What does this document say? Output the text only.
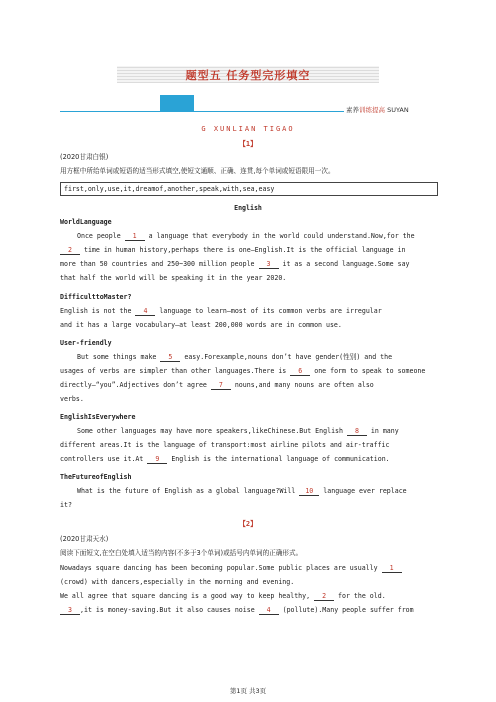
题型五 任务型完形填空
素养训练提高 SUYAN
G XUNLIAN TIGAO
【1】
(2020甘肃白银)
用方框中所给单词或短语的适当形式填空,使短文通顺、正确、连贯,每个单词或短语限用一次。
first,only,use,it,dreamof,another,speak,with,sea,easy
English
WorldLanguage
Once people 1 a language that everybody in the world could understand.Now,for the
2 time in human history,perhaps there is one—English.It is the official language in
more than 50 countries and 250~300 million people 3 it as a second language.Some say
that half the world will be speaking it in the year 2020.
DifficulttoMaster?
English is not the 4 language to learn—most of its common verbs are irregular
and it has a large vocabulary—at least 200,000 words are in common use.
User-friendly
But some things make 5 easy.Forexample,nouns don’t have gender(性别) and the
usages of verbs are simpler than other languages.There is 6 one form to speak to someone
directly—“you”.Adjectives don’t agree 7 nouns,and many nouns are often also
verbs.
EnglishIsEverywhere
Some other languages may have more speakers,likeChinese.But English 8 in many
different areas.It is the language of transport:most airline pilots and air-traffic
controllers use it.At 9 English is the international language of communication.
TheFutureofEnglish
What is the future of English as a global language?Will 10 language ever replace
it?
【2】
(2020甘肃天水)
阅读下面短文,在空白处填入适当的内容(不多于3个单词)或括号内单词的正确形式。
Nowadays square dancing has been becoming popular.Some public places are usually 1
(crowd) with dancers,especially in the morning and evening.
We all agree that square dancing is a good way to keep healthy, 2 for the old.
3 ,it is money-saving.But it also causes noise 4 (pollute).Many people suffer from
第1页 共3页
